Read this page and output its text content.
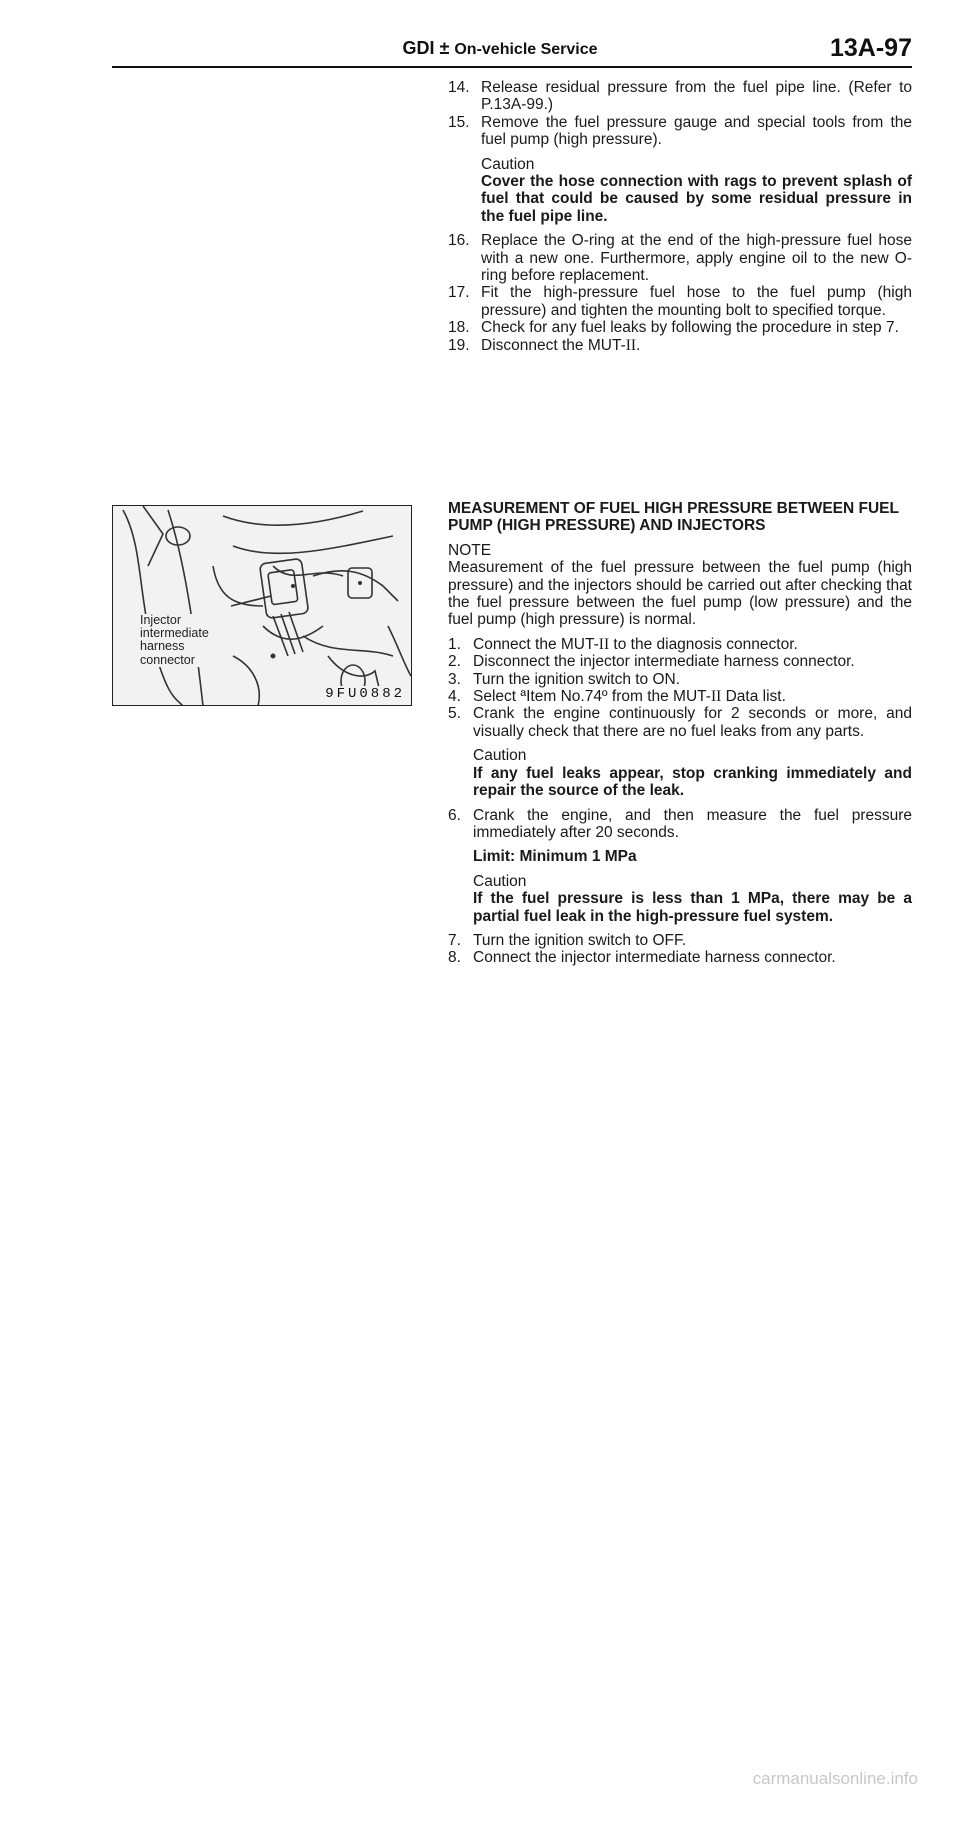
GDI ± On-vehicle Service	13A-97
14. Release residual pressure from the fuel pipe line. (Refer to P.13A-99.)
15. Remove the fuel pressure gauge and special tools from the fuel pump (high pressure).
Caution
Cover the hose connection with rags to prevent splash of fuel that could be caused by some residual pressure in the fuel pipe line.
16. Replace the O-ring at the end of the high-pressure fuel hose with a new one. Furthermore, apply engine oil to the new O-ring before replacement.
17. Fit the high-pressure fuel hose to the fuel pump (high pressure) and tighten the mounting bolt to specified torque.
18. Check for any fuel leaks by following the procedure in step 7.
19. Disconnect the MUT-II.
Injector
intermediate
harness
connector
9FU0882
MEASUREMENT OF FUEL HIGH PRESSURE BETWEEN FUEL PUMP (HIGH PRESSURE) AND INJECTORS
NOTE
Measurement of the fuel pressure between the fuel pump (high pressure) and the injectors should be carried out after checking that the fuel pressure between the fuel pump (low pressure) and the fuel pump (high pressure) is normal.
1. Connect the MUT-II to the diagnosis connector.
2. Disconnect the injector intermediate harness connector.
3. Turn the ignition switch to ON.
4. Select ªItem No.74º from the MUT-II Data list.
5. Crank the engine continuously for 2 seconds or more, and visually check that there are no fuel leaks from any parts.
Caution
If any fuel leaks appear, stop cranking immediately and repair the source of the leak.
6. Crank the engine, and then measure the fuel pressure immediately after 20 seconds.
Limit: Minimum 1 MPa
Caution
If the fuel pressure is less than 1 MPa, there may be a partial fuel leak in the high-pressure fuel system.
7. Turn the ignition switch to OFF.
8. Connect the injector intermediate harness connector.
carmanualsonline.info
